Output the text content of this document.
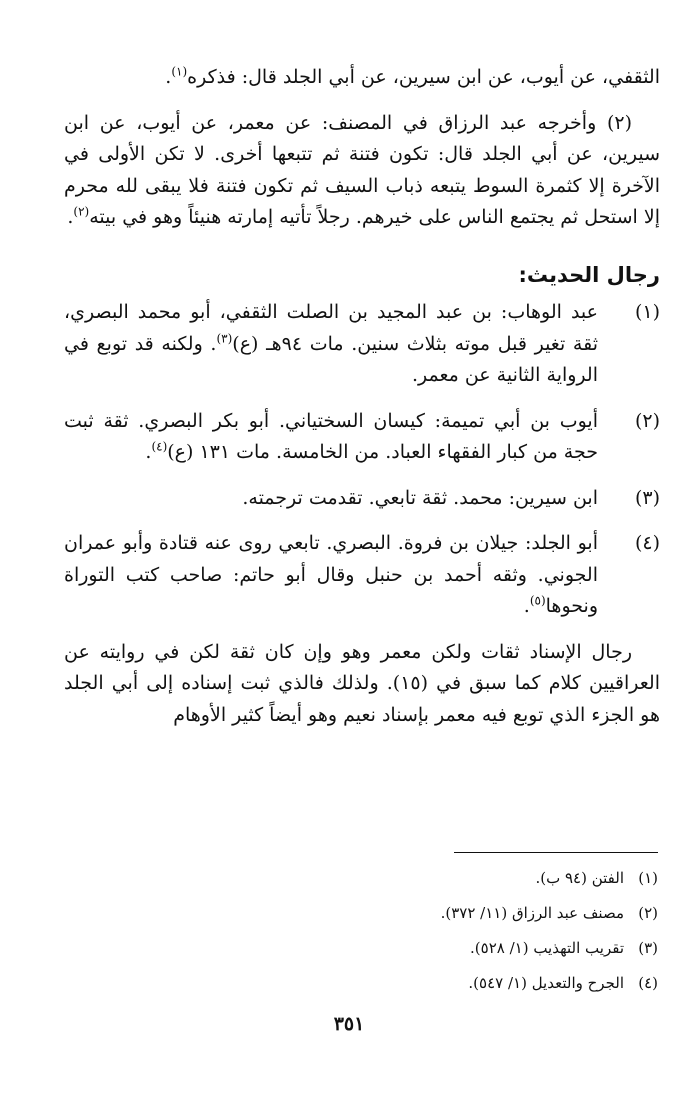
الثقفي، عن أيوب، عن ابن سيرين، عن أبي الجلد قال: فذكره$^{(١)}$.

(٢) وأخرجه عبد الرزاق في المصنف: عن معمر، عن أيوب، عن ابن سيرين، عن أبي الجلد قال: تكون فتنة ثم تتبعها أخرى. لا تكن الأولى في الآخرة إلا كثمرة السوط يتبعه ذباب السيف ثم تكون فتنة فلا يبقى لله محرم إلا استحل ثم يجتمع الناس على خيرهم. رجلاً تأتيه إمارته هنيئاً وهو في بيته$^{(٢)}$.

رجال الحديث:
(١)
عبد الوهاب: بن عبد المجيد بن الصلت الثقفي، أبو محمد البصري، ثقة تغير قبل موته بثلاث سنين. مات ٩٤هـ (ع)$^{(٣)}$. ولكنه قد توبع في الرواية الثانية عن معمر.
(٢)
أيوب بن أبي تميمة: كيسان السختياني. أبو بكر البصري. ثقة ثبت حجة من كبار الفقهاء العباد. من الخامسة. مات ١٣١ (ع)$^{(٤)}$.
(٣)
ابن سيرين: محمد. ثقة تابعي. تقدمت ترجمته.
(٤)
أبو الجلد: جيلان بن فروة. البصري. تابعي روى عنه قتادة وأبو عمران الجوني. وثقه أحمد بن حنبل وقال أبو حاتم: صاحب كتب التوراة ونحوها$^{(٥)}$.

رجال الإسناد ثقات ولكن معمر وهو وإن كان ثقة لكن في روايته عن العراقيين كلام كما سبق في (١٥). ولذلك فالذي ثبت إسناده إلى أبي الجلد هو الجزء الذي توبع فيه معمر بإسناد نعيم وهو أيضاً كثير الأوهام

(١)
الفتن (٩٤ ب).
(٢)
مصنف عبد الرزاق (١١/ ٣٧٢).
(٣)
تقريب التهذيب (١/ ٥٢٨).
(٤)
الجرح والتعديل (١/ ٥٤٧).
٣٥١
